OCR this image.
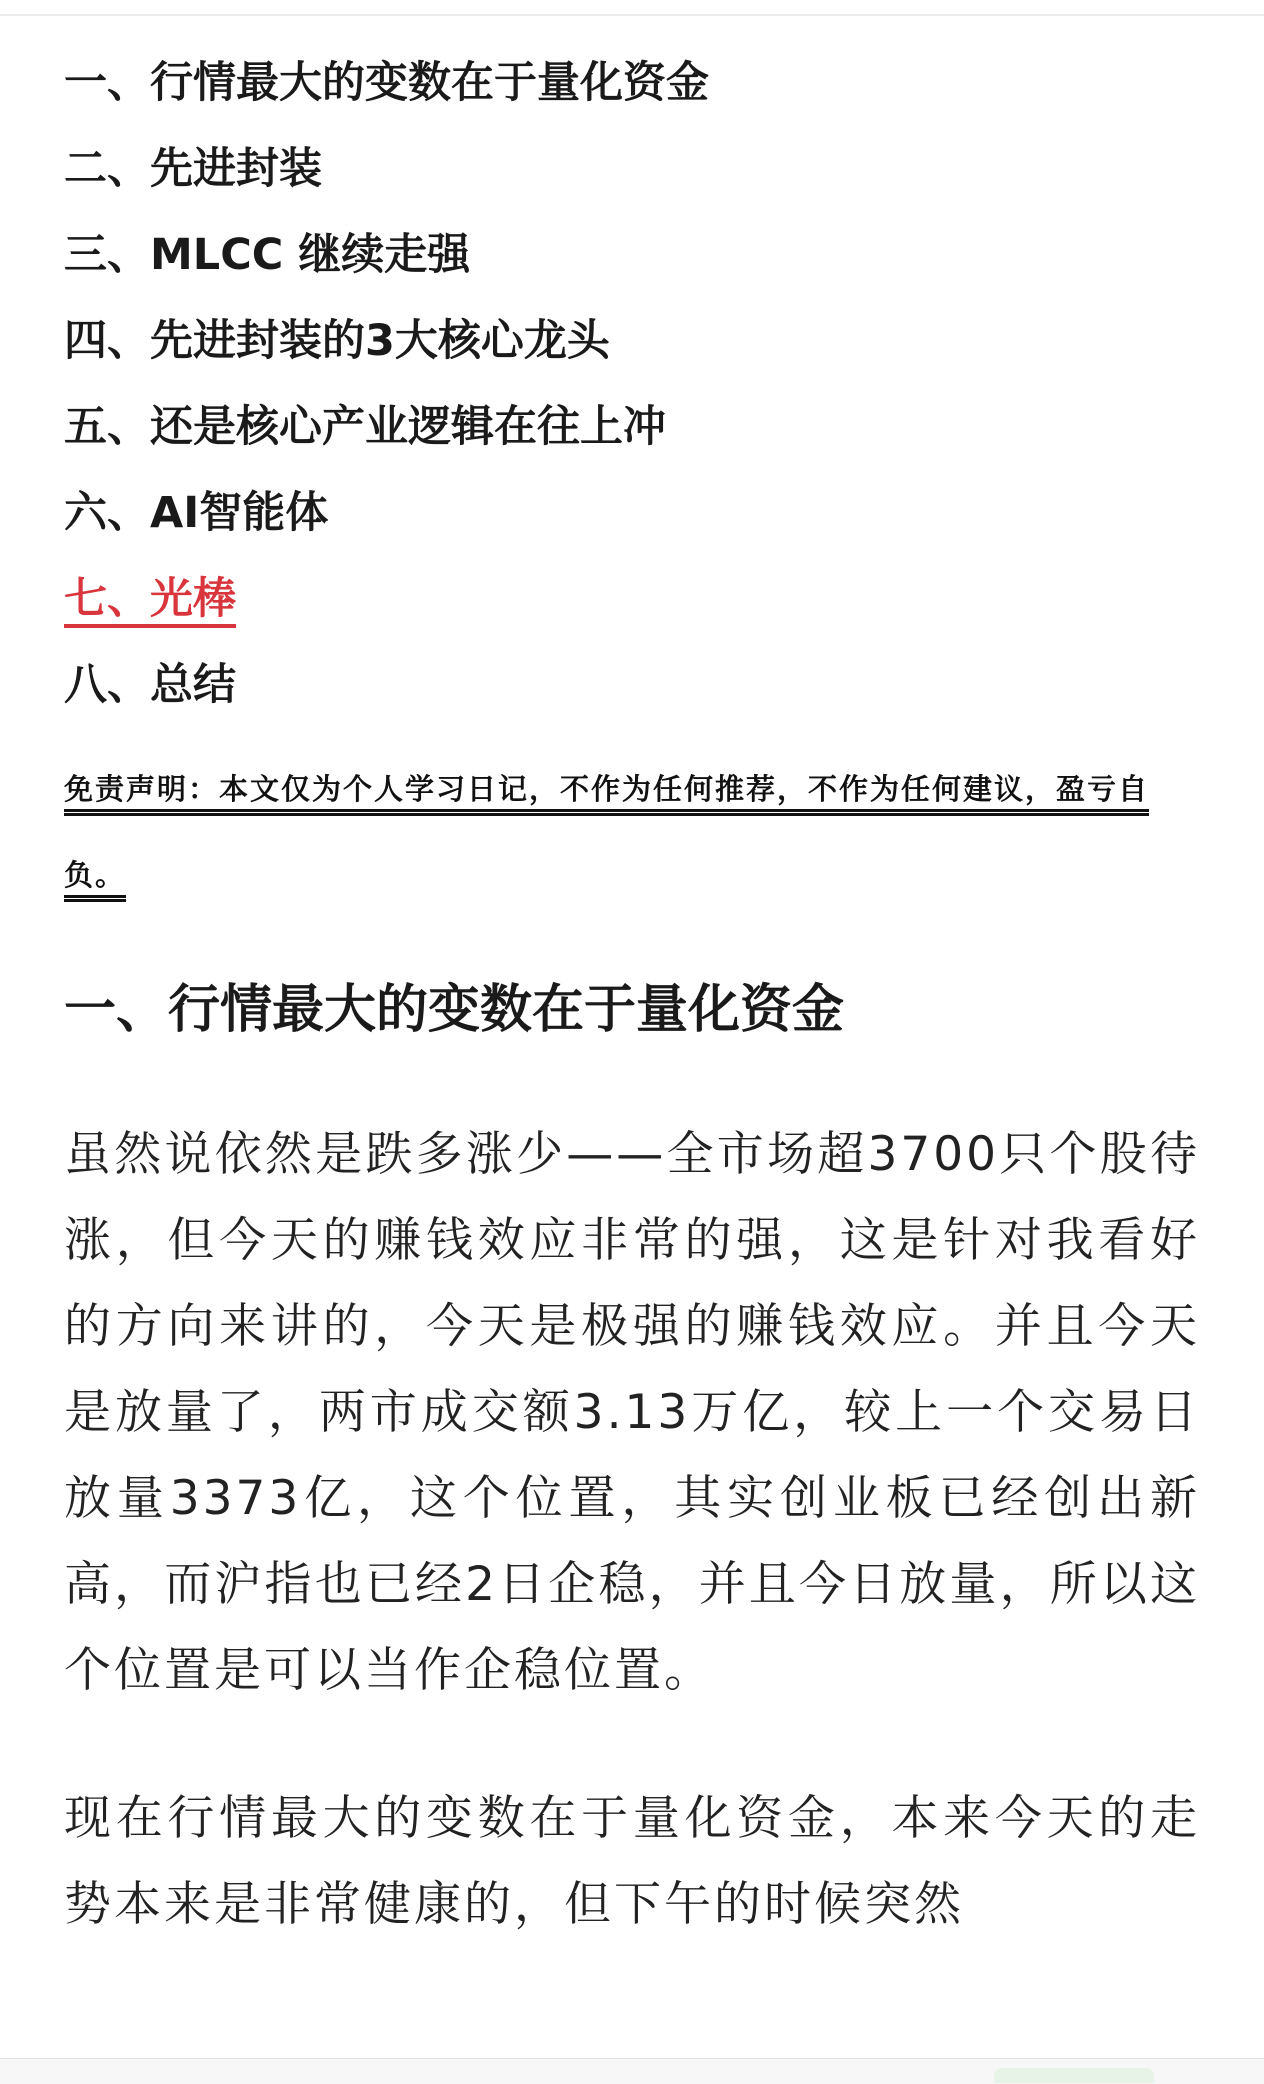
一、行情最大的变数在于量化资金
二、先进封装
三、MLCC 继续走强
四、先进封装的3大核心龙头
五、还是核心产业逻辑在往上冲
六、AI智能体
七、光棒
八、总结
免责声明：本文仅为个人学习日记，不作为任何推荐，不作为任何建议，盈亏自负。
一、行情最大的变数在于量化资金

虽然说依然是跌多涨少——全市场超3700只个股待涨，但今天的赚钱效应非常的强，这是针对我看好的方向来讲的，今天是极强的赚钱效应。并且今天是放量了，两市成交额3.13万亿，较上一个交易日放量3373亿，这个位置，其实创业板已经创出新高，而沪指也已经2日企稳，并且今日放量，所以这个位置是可以当作企稳位置。

现在行情最大的变数在于量化资金，本来今天的走势本来是非常健康的，但下午的时候突然
